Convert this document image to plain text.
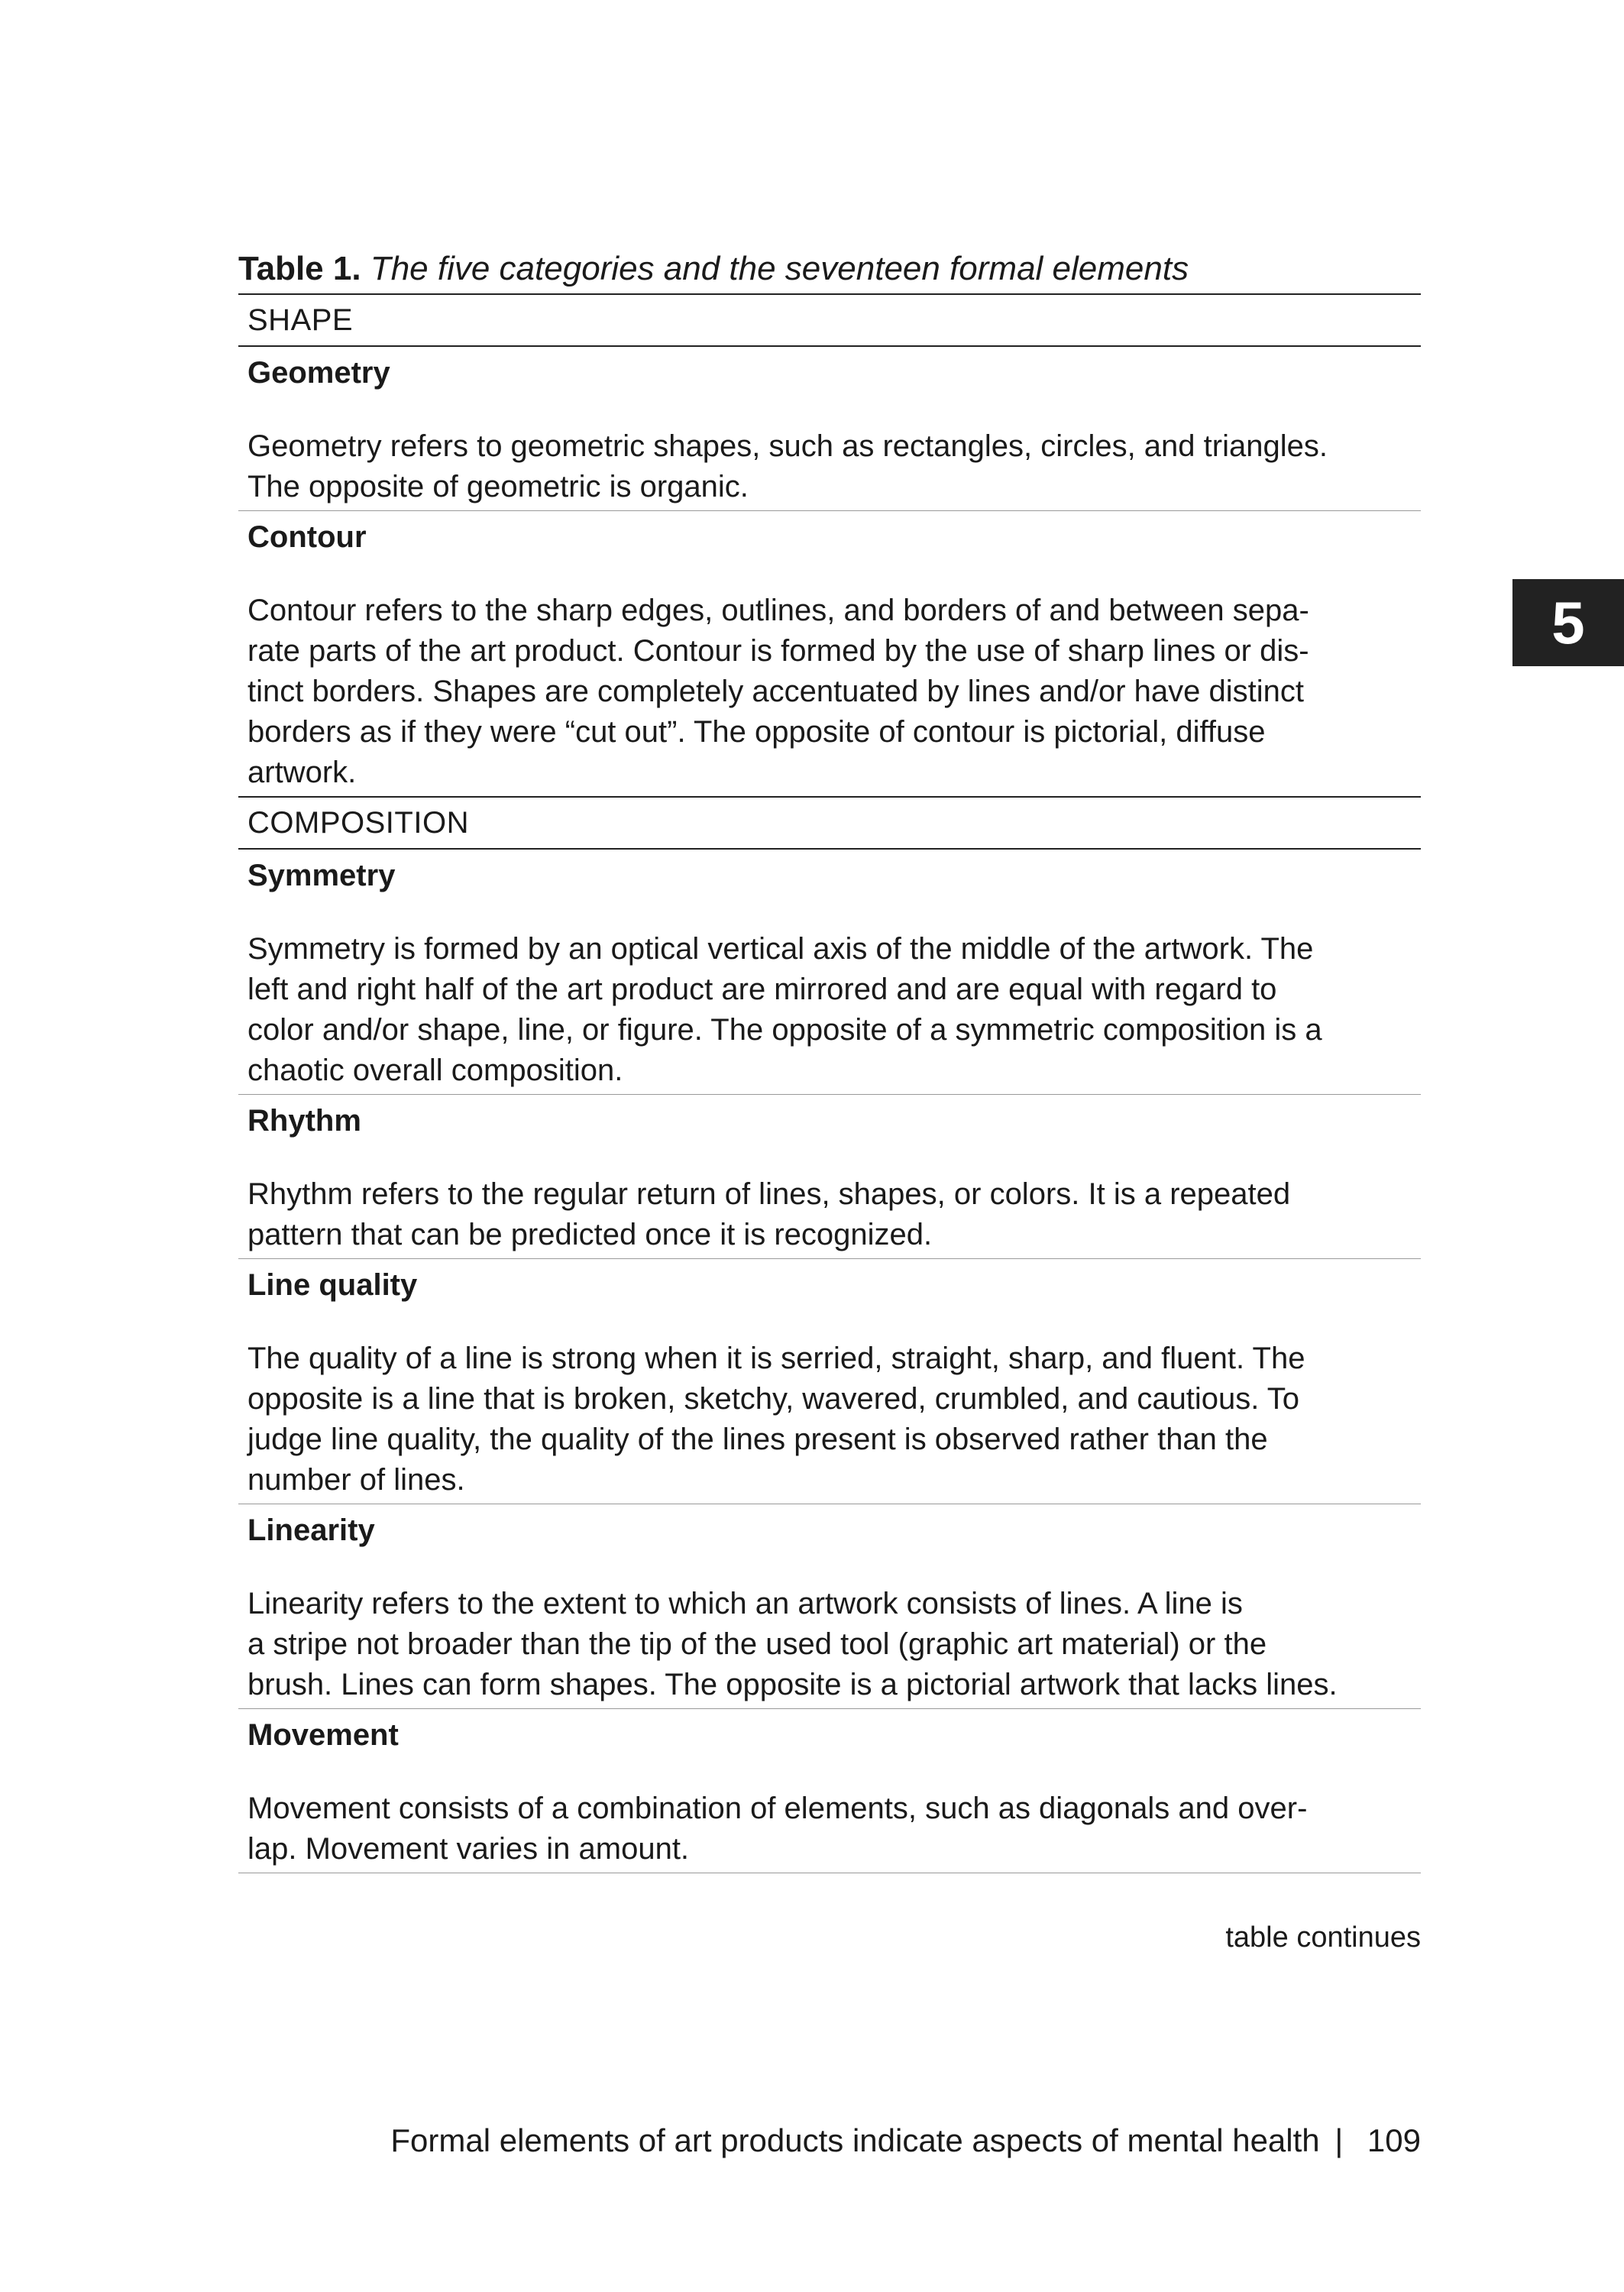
Table 1. The five categories and the seventeen formal elements
SHAPE
Geometry
Geometry refers to geometric shapes, such as rectangles, circles, and triangles.
The opposite of geometric is organic.
Contour
Contour refers to the sharp edges, outlines, and borders of and between sepa-
rate parts of the art product. Contour is formed by the use of sharp lines or dis-
tinct borders. Shapes are completely accentuated by lines and/or have distinct
borders as if they were “cut out”. The opposite of contour is pictorial, diffuse
artwork.
COMPOSITION
Symmetry
Symmetry is formed by an optical vertical axis of the middle of the artwork. The
left and right half of the art product are mirrored and are equal with regard to
color and/or shape, line, or figure. The opposite of a symmetric composition is a
chaotic overall composition.
Rhythm
Rhythm refers to the regular return of lines, shapes, or colors. It is a repeated
pattern that can be predicted once it is recognized.
Line quality
The quality of a line is strong when it is serried, straight, sharp, and fluent. The
opposite is a line that is broken, sketchy, wavered, crumbled, and cautious. To
judge line quality, the quality of the lines present is observed rather than the
number of lines.
Linearity
Linearity refers to the extent to which an artwork consists of lines. A line is
a stripe not broader than the tip of the used tool (graphic art material) or the
brush. Lines can form shapes. The opposite is a pictorial artwork that lacks lines.
Movement
Movement consists of a combination of elements, such as diagonals and over-
lap. Movement varies in amount.
table continues
5
Formal elements of art products indicate aspects of mental health | 109
